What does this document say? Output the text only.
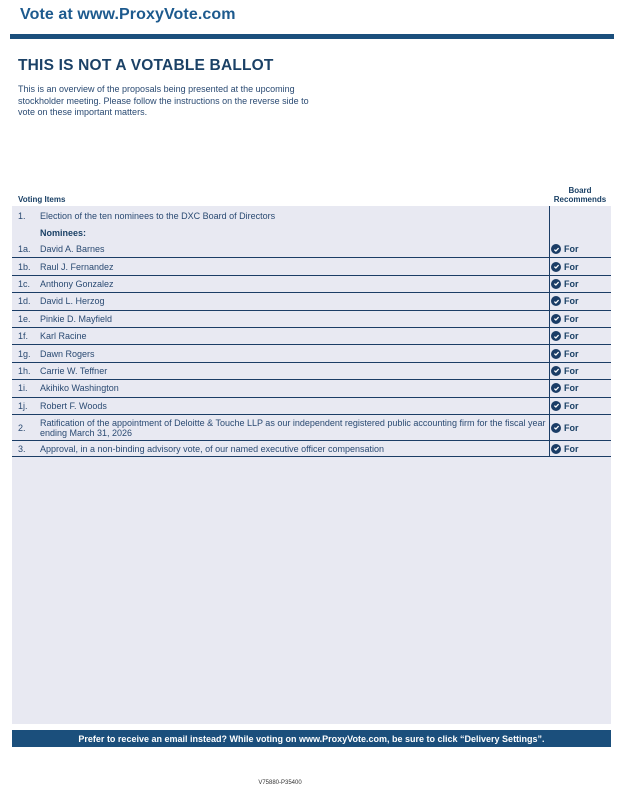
Vote at www.ProxyVote.com
THIS IS NOT A VOTABLE BALLOT
This is an overview of the proposals being presented at the upcoming stockholder meeting. Please follow the instructions on the reverse side to vote on these important matters.
Voting Items
Board
Recommends
1.	Election of the ten nominees to the DXC Board of Directors
Nominees:
1a.	David A. Barnes	For
1b.	Raul J. Fernandez	For
1c.	Anthony Gonzalez	For
1d.	David L. Herzog	For
1e.	Pinkie D. Mayfield	For
1f.	Karl Racine	For
1g.	Dawn Rogers	For
1h.	Carrie W. Teffner	For
1i.	Akihiko Washington	For
1j.	Robert F. Woods	For
2.	Ratification of the appointment of Deloitte & Touche LLP as our independent registered public accounting firm for the fiscal year ending March 31, 2026	For
3.	Approval, in a non-binding advisory vote, of our named executive officer compensation	For
Prefer to receive an email instead? While voting on www.ProxyVote.com, be sure to click “Delivery Settings”.
V75880-P35400
